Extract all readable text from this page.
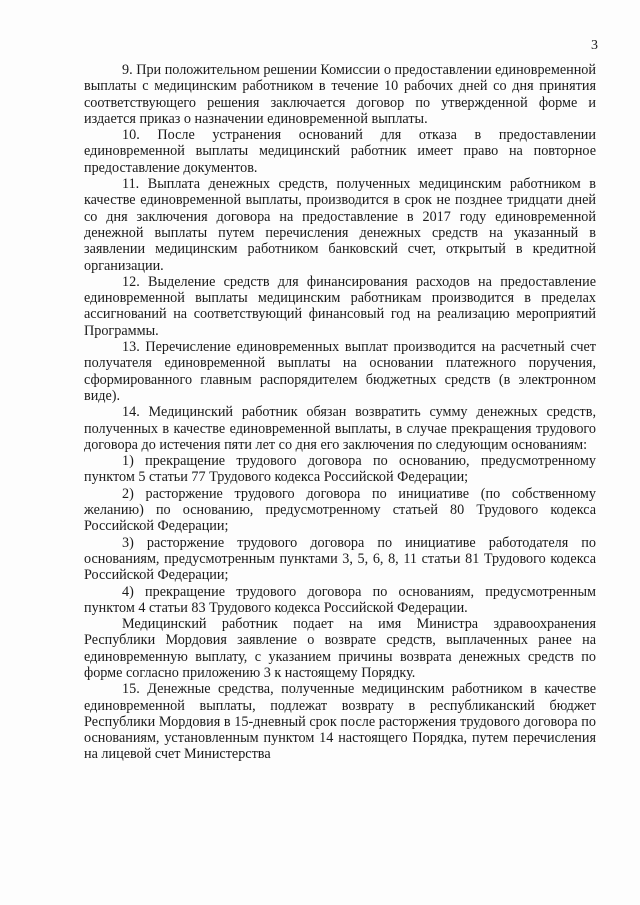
3

9. При положительном решении Комиссии о предоставлении единовременной выплаты с медицинским работником в течение 10 рабочих дней со дня принятия соответствующего решения заключается договор по утвержденной форме и издается приказ о назначении единовременной выплаты.

10. После устранения оснований для отказа в предоставлении единовременной выплаты медицинский работник имеет право на повторное предоставление документов.

11. Выплата денежных средств, полученных медицинским работником в качестве единовременной выплаты, производится в срок не позднее тридцати дней со дня заключения договора на предоставление в 2017 году единовременной денежной выплаты путем перечисления денежных средств на указанный в заявлении медицинским работником банковский счет, открытый в кредитной организации.

12. Выделение средств для финансирования расходов на предоставление единовременной выплаты медицинским работникам производится в пределах ассигнований на соответствующий финансовый год на реализацию мероприятий Программы.

13. Перечисление единовременных выплат производится на расчетный счет получателя единовременной выплаты на основании платежного поручения, сформированного главным распорядителем бюджетных средств (в электронном виде).

14. Медицинский работник обязан возвратить сумму денежных средств, полученных в качестве единовременной выплаты, в случае прекращения трудового договора до истечения пяти лет со дня его заключения по следующим основаниям:

1) прекращение трудового договора по основанию, предусмотренному пунктом 5 статьи 77 Трудового кодекса Российской Федерации;

2) расторжение трудового договора по инициативе (по собственному желанию) по основанию, предусмотренному статьей 80 Трудового кодекса Российской Федерации;

3) расторжение трудового договора по инициативе работодателя по основаниям, предусмотренным пунктами 3, 5, 6, 8, 11 статьи 81 Трудового кодекса Российской Федерации;

4) прекращение трудового договора по основаниям, предусмотренным пунктом 4 статьи 83 Трудового кодекса Российской Федерации.

Медицинский работник подает на имя Министра здравоохранения Республики Мордовия заявление о возврате средств, выплаченных ранее на единовременную выплату, с указанием причины возврата денежных средств по форме согласно приложению 3 к настоящему Порядку.

15. Денежные средства, полученные медицинским работником в качестве единовременной выплаты, подлежат возврату в республиканский бюджет Республики Мордовия в 15-дневный срок после расторжения трудового договора по основаниям, установленным пунктом 14 настоящего Порядка, путем перечисления на лицевой счет Министерства
